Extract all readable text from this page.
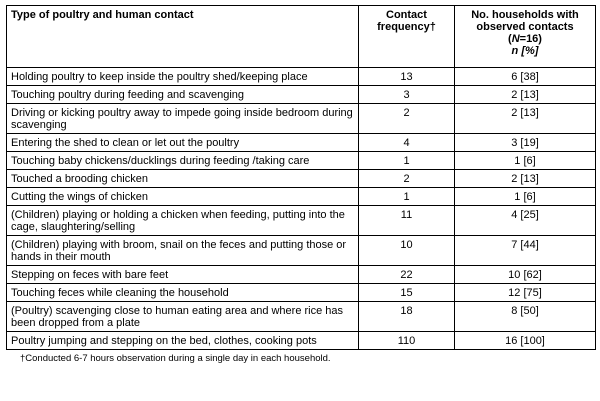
Type of poultry and human contact	Contact frequency†	No. households with observed contacts
(N=16)
n [%]

Holding poultry to keep inside the poultry shed/keeping place	13	6 [38]
Touching poultry during feeding and scavenging	3	2 [13]
Driving or kicking poultry away to impede going inside bedroom during scavenging	2	2 [13]
Entering the shed to clean or let out the poultry	4	3 [19]
Touching baby chickens/ducklings during feeding /taking care	1	1 [6]
Touched a brooding chicken	2	2 [13]
Cutting the wings of chicken	1	1 [6]
(Children) playing or holding a chicken when feeding, putting into the cage, slaughtering/selling	11	4 [25]
(Children) playing with broom, snail on the feces and putting those or hands in their mouth	10	7 [44]
Stepping on feces with bare feet	22	10 [62]
Touching feces while cleaning the household	15	12 [75]
(Poultry) scavenging close to human eating area and where rice has been dropped from a plate	18	8 [50]
Poultry jumping and stepping on the bed, clothes, cooking pots	110	16 [100]
†Conducted 6-7 hours observation during a single day in each household.
